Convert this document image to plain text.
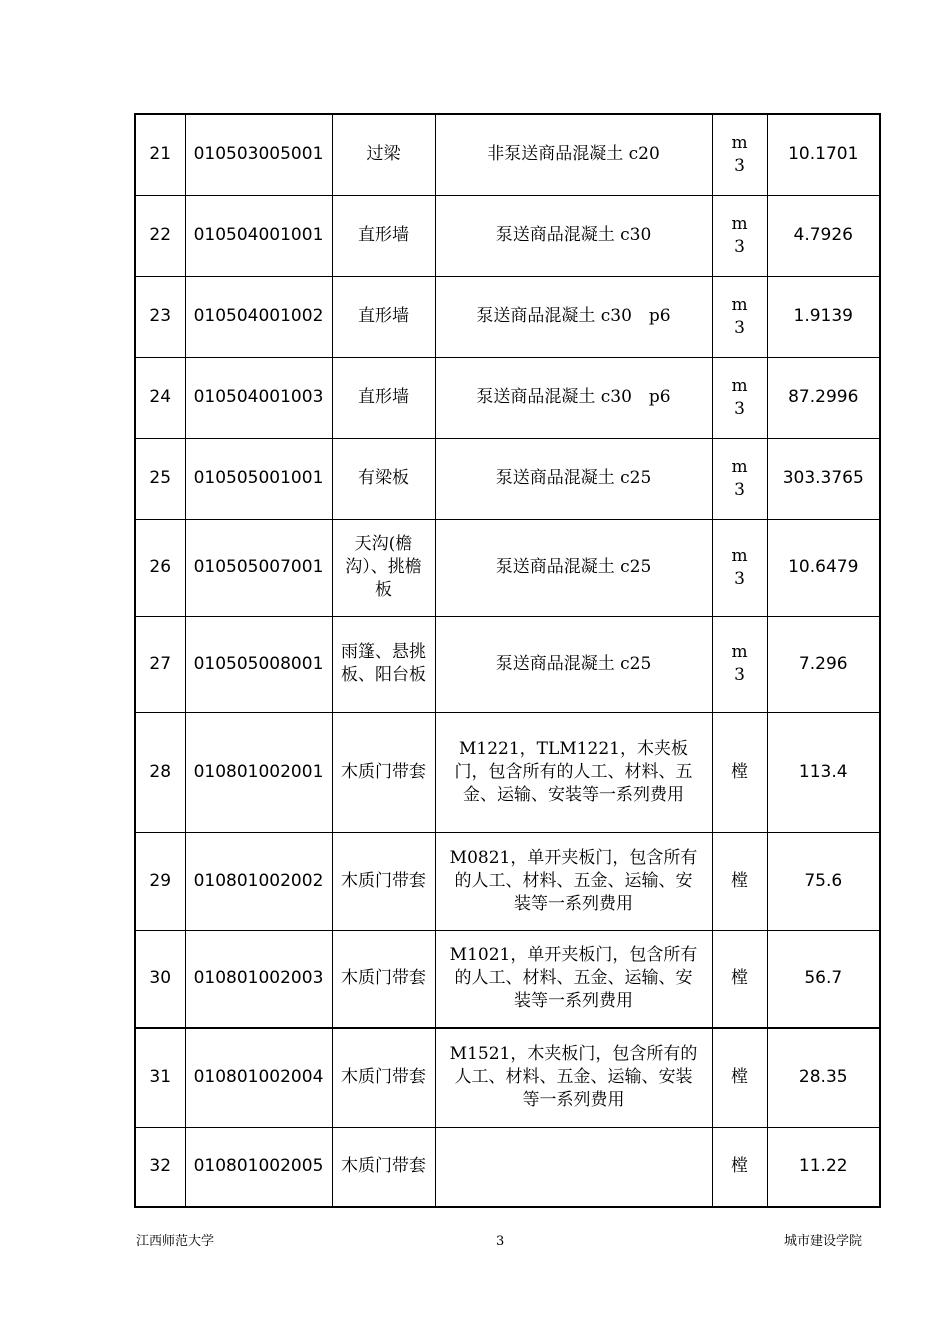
21	010503005001	过梁	非泵送商品混凝土 c20	m3	10.1701
22	010504001001	直形墙	泵送商品混凝土 c30	m3	4.7926
23	010504001002	直形墙	泵送商品混凝土 c30　p6	m3	1.9139
24	010504001003	直形墙	泵送商品混凝土 c30　p6	m3	87.2996
25	010505001001	有梁板	泵送商品混凝土 c25	m3	303.3765
26	010505007001	天沟(檐沟）、挑檐板	泵送商品混凝土 c25	m3	10.6479
27	010505008001	雨篷、悬挑板、阳台板	泵送商品混凝土 c25	m3	7.296
28	010801002001	木质门带套	M1221，TLM1221，木夹板门，包含所有的人工、材料、五金、运输、安装等一系列费用	樘	113.4
29	010801002002	木质门带套	M0821，单开夹板门，包含所有的人工、材料、五金、运输、安装等一系列费用	樘	75.6
30	010801002003	木质门带套	M1021，单开夹板门，包含所有的人工、材料、五金、运输、安装等一系列费用	樘	56.7
31	010801002004	木质门带套	M1521，木夹板门，包含所有的人工、材料、五金、运输、安装等一系列费用	樘	28.35
32	010801002005	木质门带套		樘	11.22
江西师范大学	3	城市建设学院
